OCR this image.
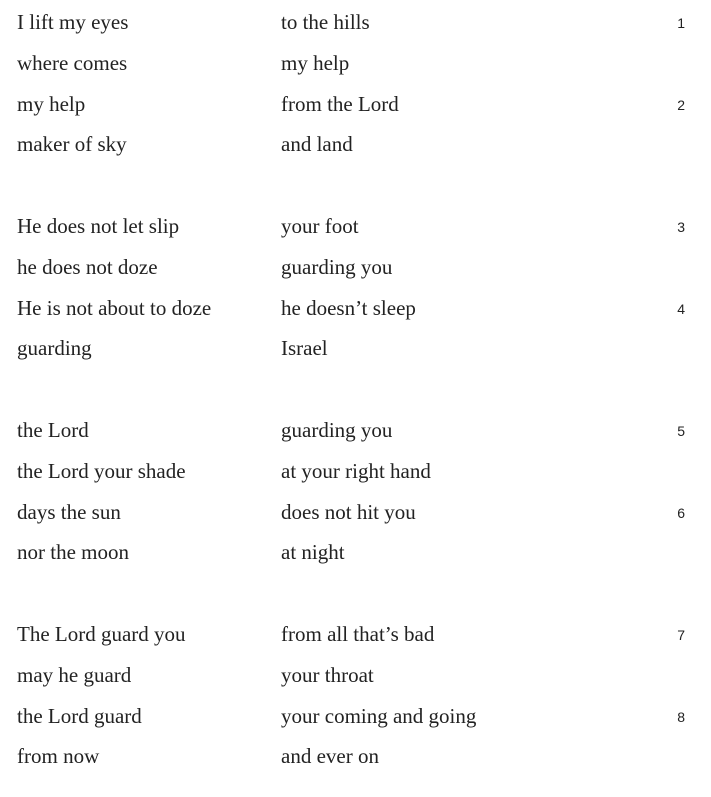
I lift my eyes	to the hills	1
where comes	my help
my help	from the Lord	2
maker of sky	and land
He does not let slip	your foot	3
he does not doze	guarding you
He is not about to doze	he doesn’t sleep	4
guarding	Israel
the Lord	guarding you	5
the Lord your shade	at your right hand
days the sun	does not hit you	6
nor the moon	at night
The Lord guard you	from all that’s bad	7
may he guard	your throat
the Lord guard	your coming and going	8
from now	and ever on
